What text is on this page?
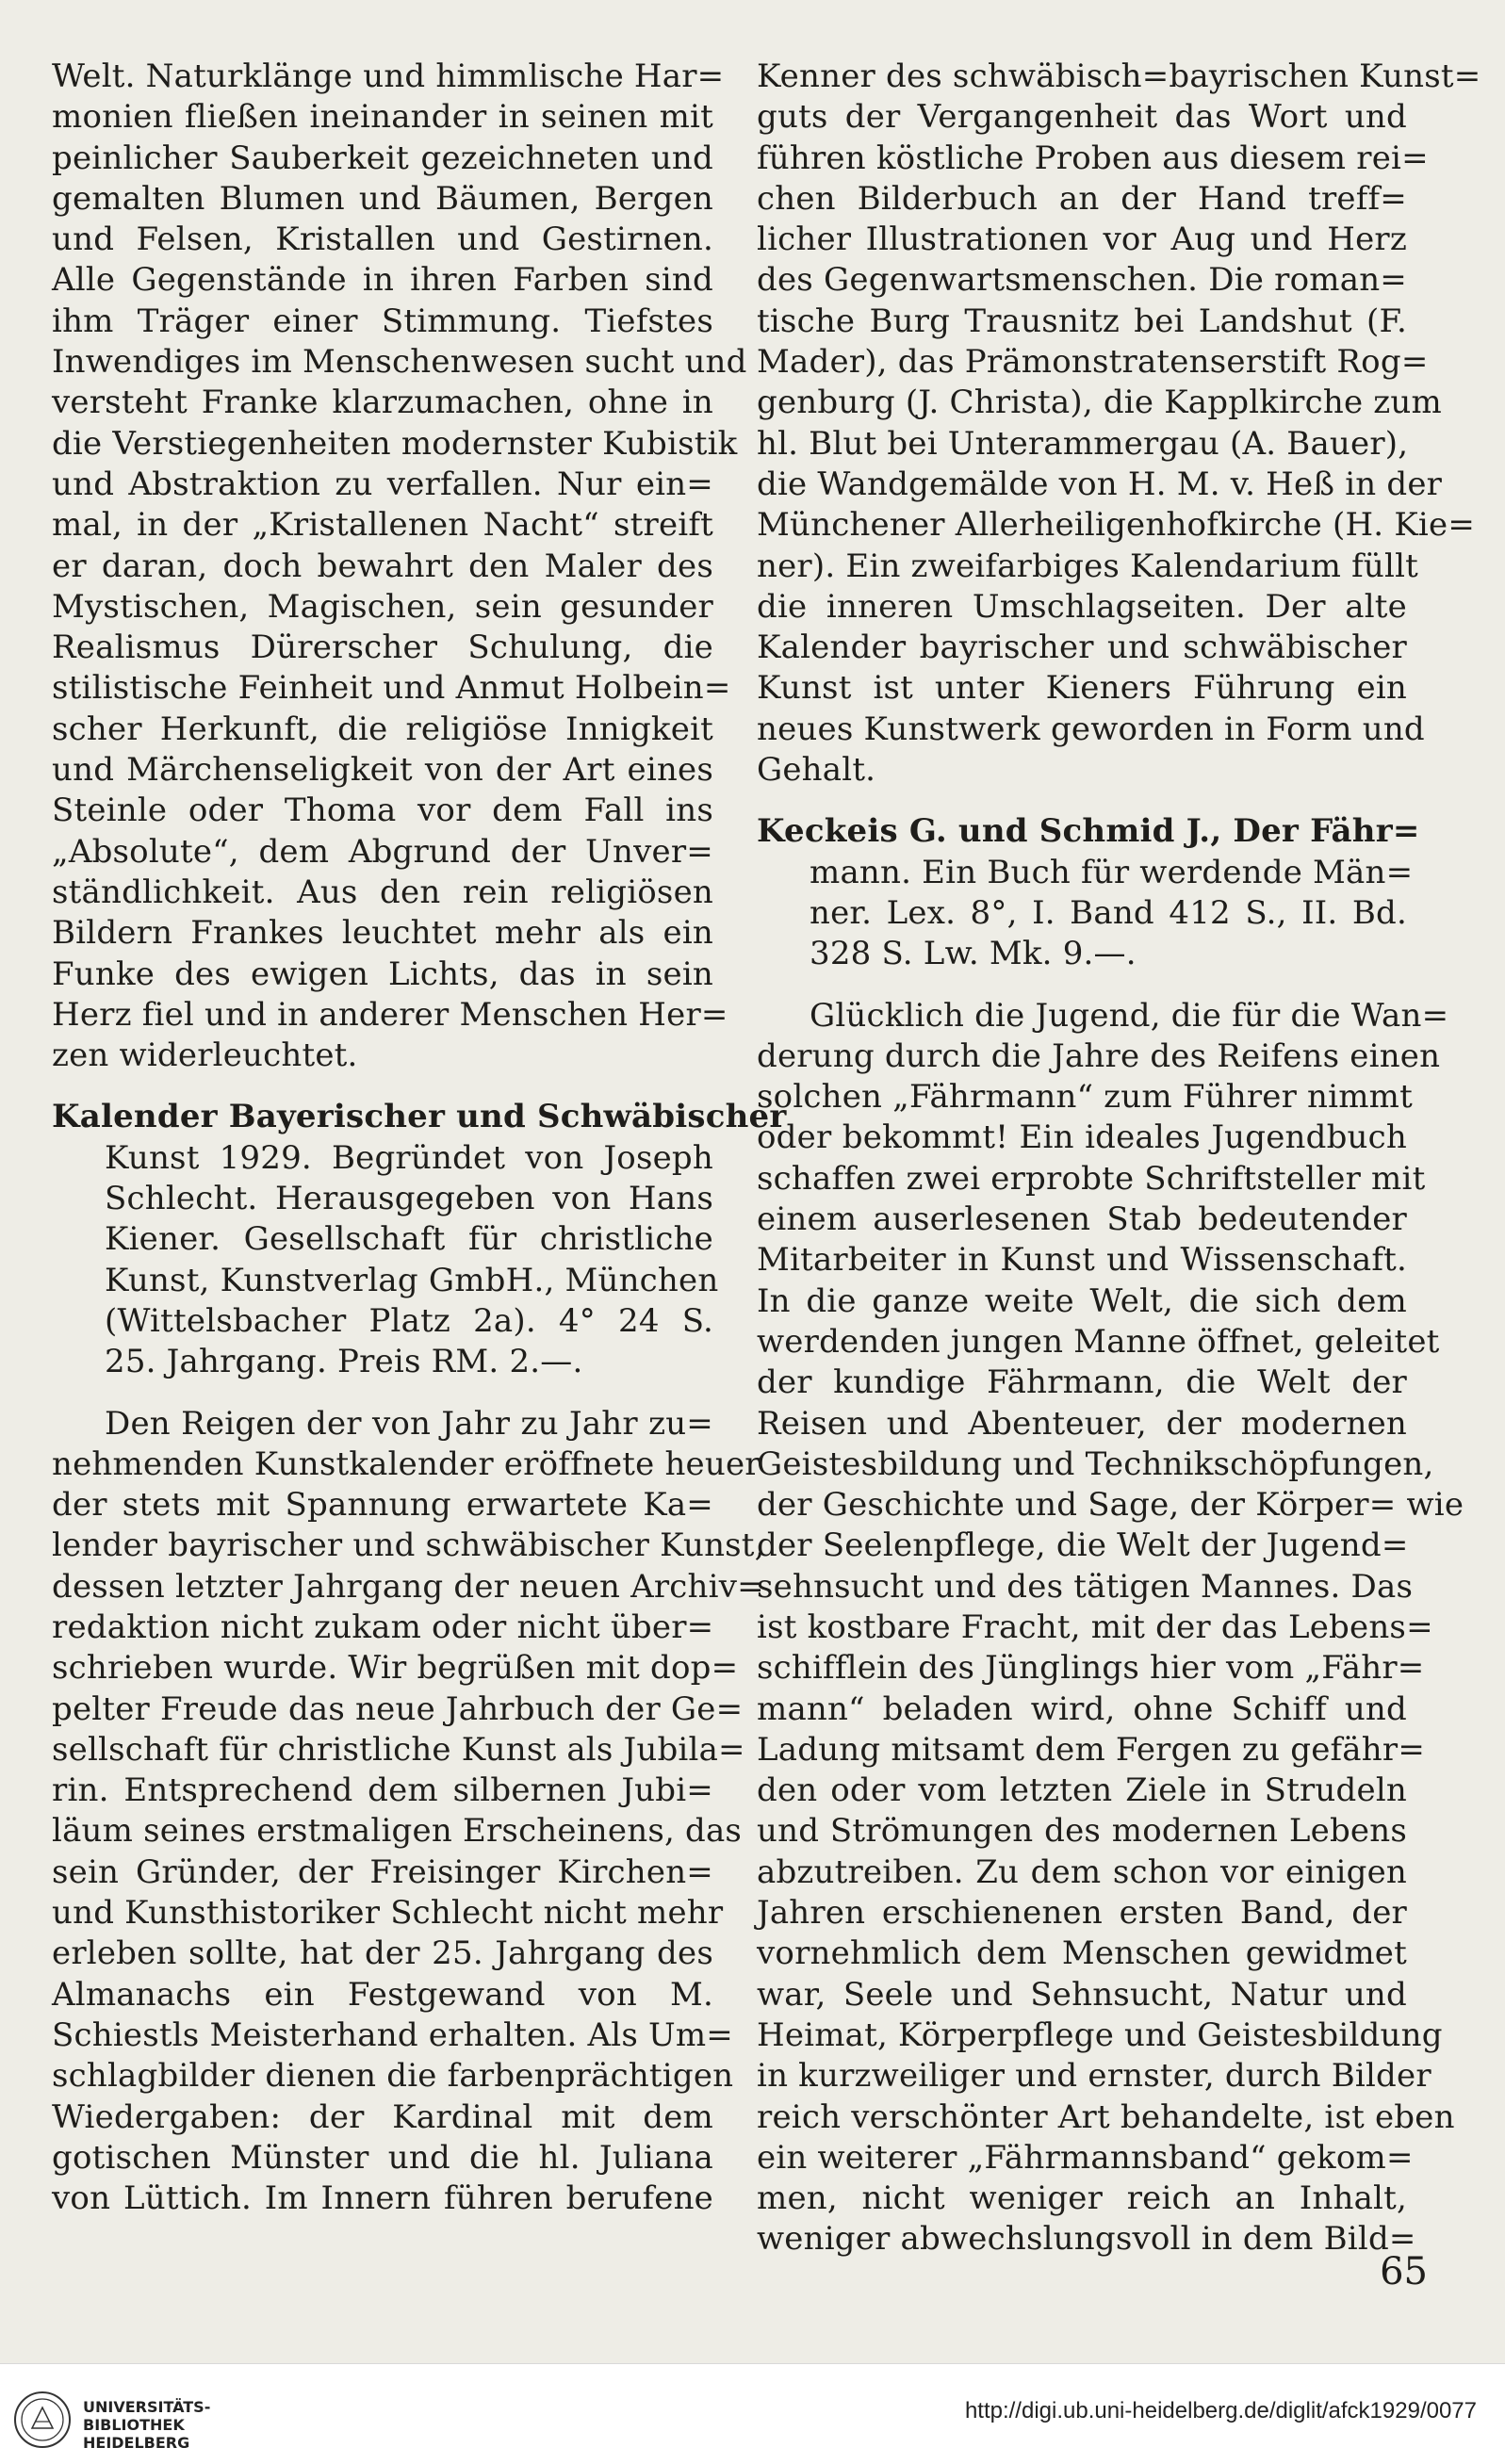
Welt. Naturklänge und himmlische Har=
monien fließen ineinander in seinen mit
peinlicher Sauberkeit gezeichneten und
gemalten Blumen und Bäumen, Bergen
und Felsen, Kristallen und Gestirnen.
Alle Gegenstände in ihren Farben sind
ihm Träger einer Stimmung. Tiefstes
Inwendiges im Menschenwesen sucht und
versteht Franke klarzumachen, ohne in
die Verstiegenheiten modernster Kubistik
und Abstraktion zu verfallen. Nur ein=
mal, in der „Kristallenen Nacht“ streift
er daran, doch bewahrt den Maler des
Mystischen, Magischen, sein gesunder
Realismus Dürerscher Schulung, die
stilistische Feinheit und Anmut Holbein=
scher Herkunft, die religiöse Innigkeit
und Märchenseligkeit von der Art eines
Steinle oder Thoma vor dem Fall ins
„Absolute“, dem Abgrund der Unver=
ständlichkeit. Aus den rein religiösen
Bildern Frankes leuchtet mehr als ein
Funke des ewigen Lichts, das in sein
Herz fiel und in anderer Menschen Her=
zen widerleuchtet.
Kalender Bayerischer und Schwäbischer
Kunst 1929. Begründet von Joseph
Schlecht. Herausgegeben von Hans
Kiener. Gesellschaft für christliche
Kunst, Kunstverlag GmbH., München
(Wittelsbacher Platz 2a). 4° 24 S.
25. Jahrgang. Preis RM. 2.—.
Den Reigen der von Jahr zu Jahr zu=
nehmenden Kunstkalender eröffnete heuer
der stets mit Spannung erwartete Ka=
lender bayrischer und schwäbischer Kunst,
dessen letzter Jahrgang der neuen Archiv=
redaktion nicht zukam oder nicht über=
schrieben wurde. Wir begrüßen mit dop=
pelter Freude das neue Jahrbuch der Ge=
sellschaft für christliche Kunst als Jubila=
rin. Entsprechend dem silbernen Jubi=
läum seines erstmaligen Erscheinens, das
sein Gründer, der Freisinger Kirchen=
und Kunsthistoriker Schlecht nicht mehr
erleben sollte, hat der 25. Jahrgang des
Almanachs ein Festgewand von M.
Schiestls Meisterhand erhalten. Als Um=
schlagbilder dienen die farbenprächtigen
Wiedergaben: der Kardinal mit dem
gotischen Münster und die hl. Juliana
von Lüttich. Im Innern führen berufene
Kenner des schwäbisch=bayrischen Kunst=
guts der Vergangenheit das Wort und
führen köstliche Proben aus diesem rei=
chen Bilderbuch an der Hand treff=
licher Illustrationen vor Aug und Herz
des Gegenwartsmenschen. Die roman=
tische Burg Trausnitz bei Landshut (F.
Mader), das Prämonstratenserstift Rog=
genburg (J. Christa), die Kapplkirche zum
hl. Blut bei Unterammergau (A. Bauer),
die Wandgemälde von H. M. v. Heß in der
Münchener Allerheiligenhofkirche (H. Kie=
ner). Ein zweifarbiges Kalendarium füllt
die inneren Umschlagseiten. Der alte
Kalender bayrischer und schwäbischer
Kunst ist unter Kieners Führung ein
neues Kunstwerk geworden in Form und
Gehalt.
Keckeis G. und Schmid J., Der Fähr=
mann. Ein Buch für werdende Män=
ner. Lex. 8°, I. Band 412 S., II. Bd.
328 S. Lw. Mk. 9.—.
Glücklich die Jugend, die für die Wan=
derung durch die Jahre des Reifens einen
solchen „Fährmann“ zum Führer nimmt
oder bekommt! Ein ideales Jugendbuch
schaffen zwei erprobte Schriftsteller mit
einem auserlesenen Stab bedeutender
Mitarbeiter in Kunst und Wissenschaft.
In die ganze weite Welt, die sich dem
werdenden jungen Manne öffnet, geleitet
der kundige Fährmann, die Welt der
Reisen und Abenteuer, der modernen
Geistesbildung und Technikschöpfungen,
der Geschichte und Sage, der Körper= wie
der Seelenpflege, die Welt der Jugend=
sehnsucht und des tätigen Mannes. Das
ist kostbare Fracht, mit der das Lebens=
schifflein des Jünglings hier vom „Fähr=
mann“ beladen wird, ohne Schiff und
Ladung mitsamt dem Fergen zu gefähr=
den oder vom letzten Ziele in Strudeln
und Strömungen des modernen Lebens
abzutreiben. Zu dem schon vor einigen
Jahren erschienenen ersten Band, der
vornehmlich dem Menschen gewidmet
war, Seele und Sehnsucht, Natur und
Heimat, Körperpflege und Geistesbildung
in kurzweiliger und ernster, durch Bilder
reich verschönter Art behandelte, ist eben
ein weiterer „Fährmannsband“ gekom=
men, nicht weniger reich an Inhalt,
weniger abwechslungsvoll in dem Bild=
65
UNIVERSITÄTS-
BIBLIOTHEK
HEIDELBERG
http://digi.ub.uni-heidelberg.de/diglit/afck1929/0077
